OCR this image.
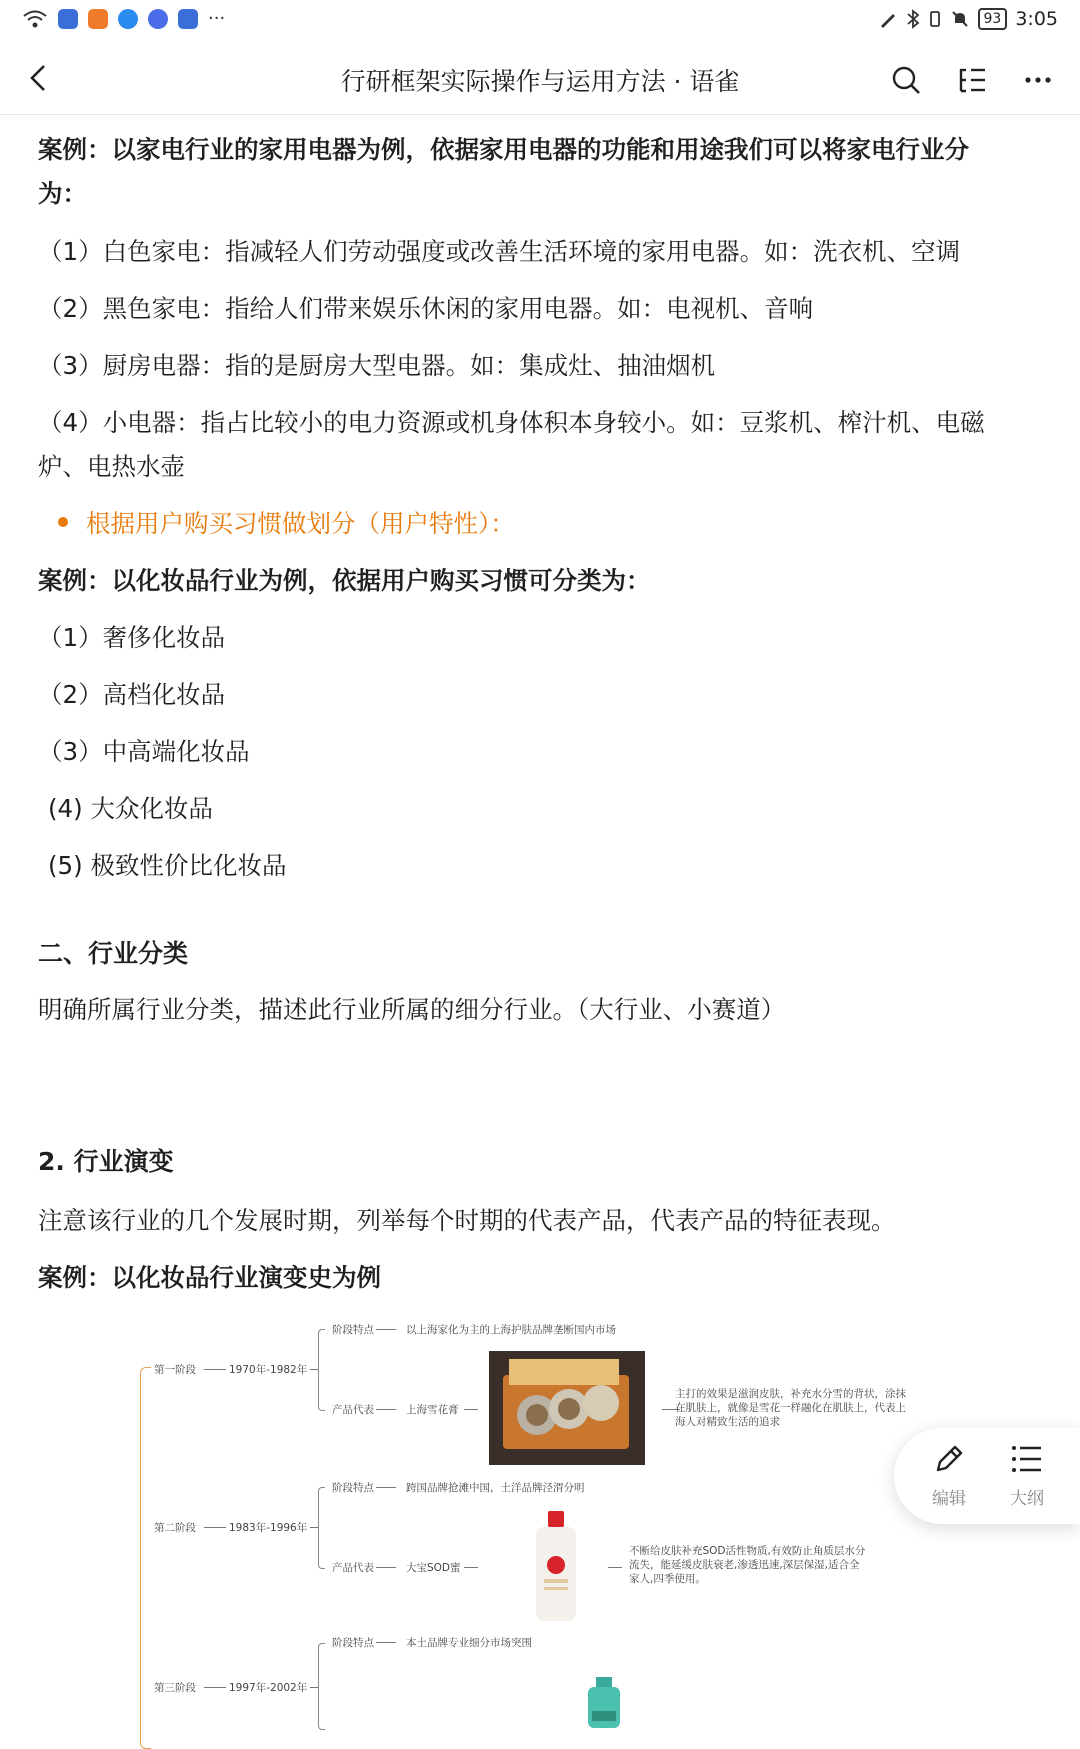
···	93 3:05
行研框架实际操作与运用方法 · 语雀
案例：以家电行业的家用电器为例，依据家用电器的功能和用途我们可以将家电行业分
为：
（1）白色家电：指减轻人们劳动强度或改善生活环境的家用电器。如：洗衣机、空调
（2）黑色家电：指给人们带来娱乐休闲的家用电器。如：电视机、音响
（3）厨房电器：指的是厨房大型电器。如：集成灶、抽油烟机
（4）小电器：指占比较小的电力资源或机身体积本身较小。如：豆浆机、榨汁机、电磁
炉、电热水壶
根据用户购买习惯做划分（用户特性）：
案例：以化妆品行业为例，依据用户购买习惯可分类为：
（1）奢侈化妆品
（2）高档化妆品
（3）中高端化妆品
(4) 大众化妆品
(5) 极致性价比化妆品
二、行业分类
明确所属行业分类，描述此行业所属的细分行业。（大行业、小赛道）
2. 行业演变
注意该行业的几个发展时期，列举每个时期的代表产品，代表产品的特征表现。
案例：以化妆品行业演变史为例
第一阶段	1970年-1982年
阶段特点	以上海家化为主的上海护肤品牌垄断国内市场
产品代表	上海雪花膏
主打的效果是滋润皮肤，补充水分雪的背状，涂抹在肌肤上，就像是雪花一样融化在肌肤上，代表上海人对精致生活的追求
第二阶段	1983年-1996年
阶段特点	跨国品牌抢滩中国，土洋品牌泾渭分明
产品代表	大宝SOD蜜
不断给皮肤补充SOD活性物质,有效防止角质层水分流失，能延缓皮肤衰老,渗透迅速,深层保湿,适合全家人,四季使用。
第三阶段	1997年-2002年
阶段特点	本土品牌专业细分市场突围
编辑	大纲
